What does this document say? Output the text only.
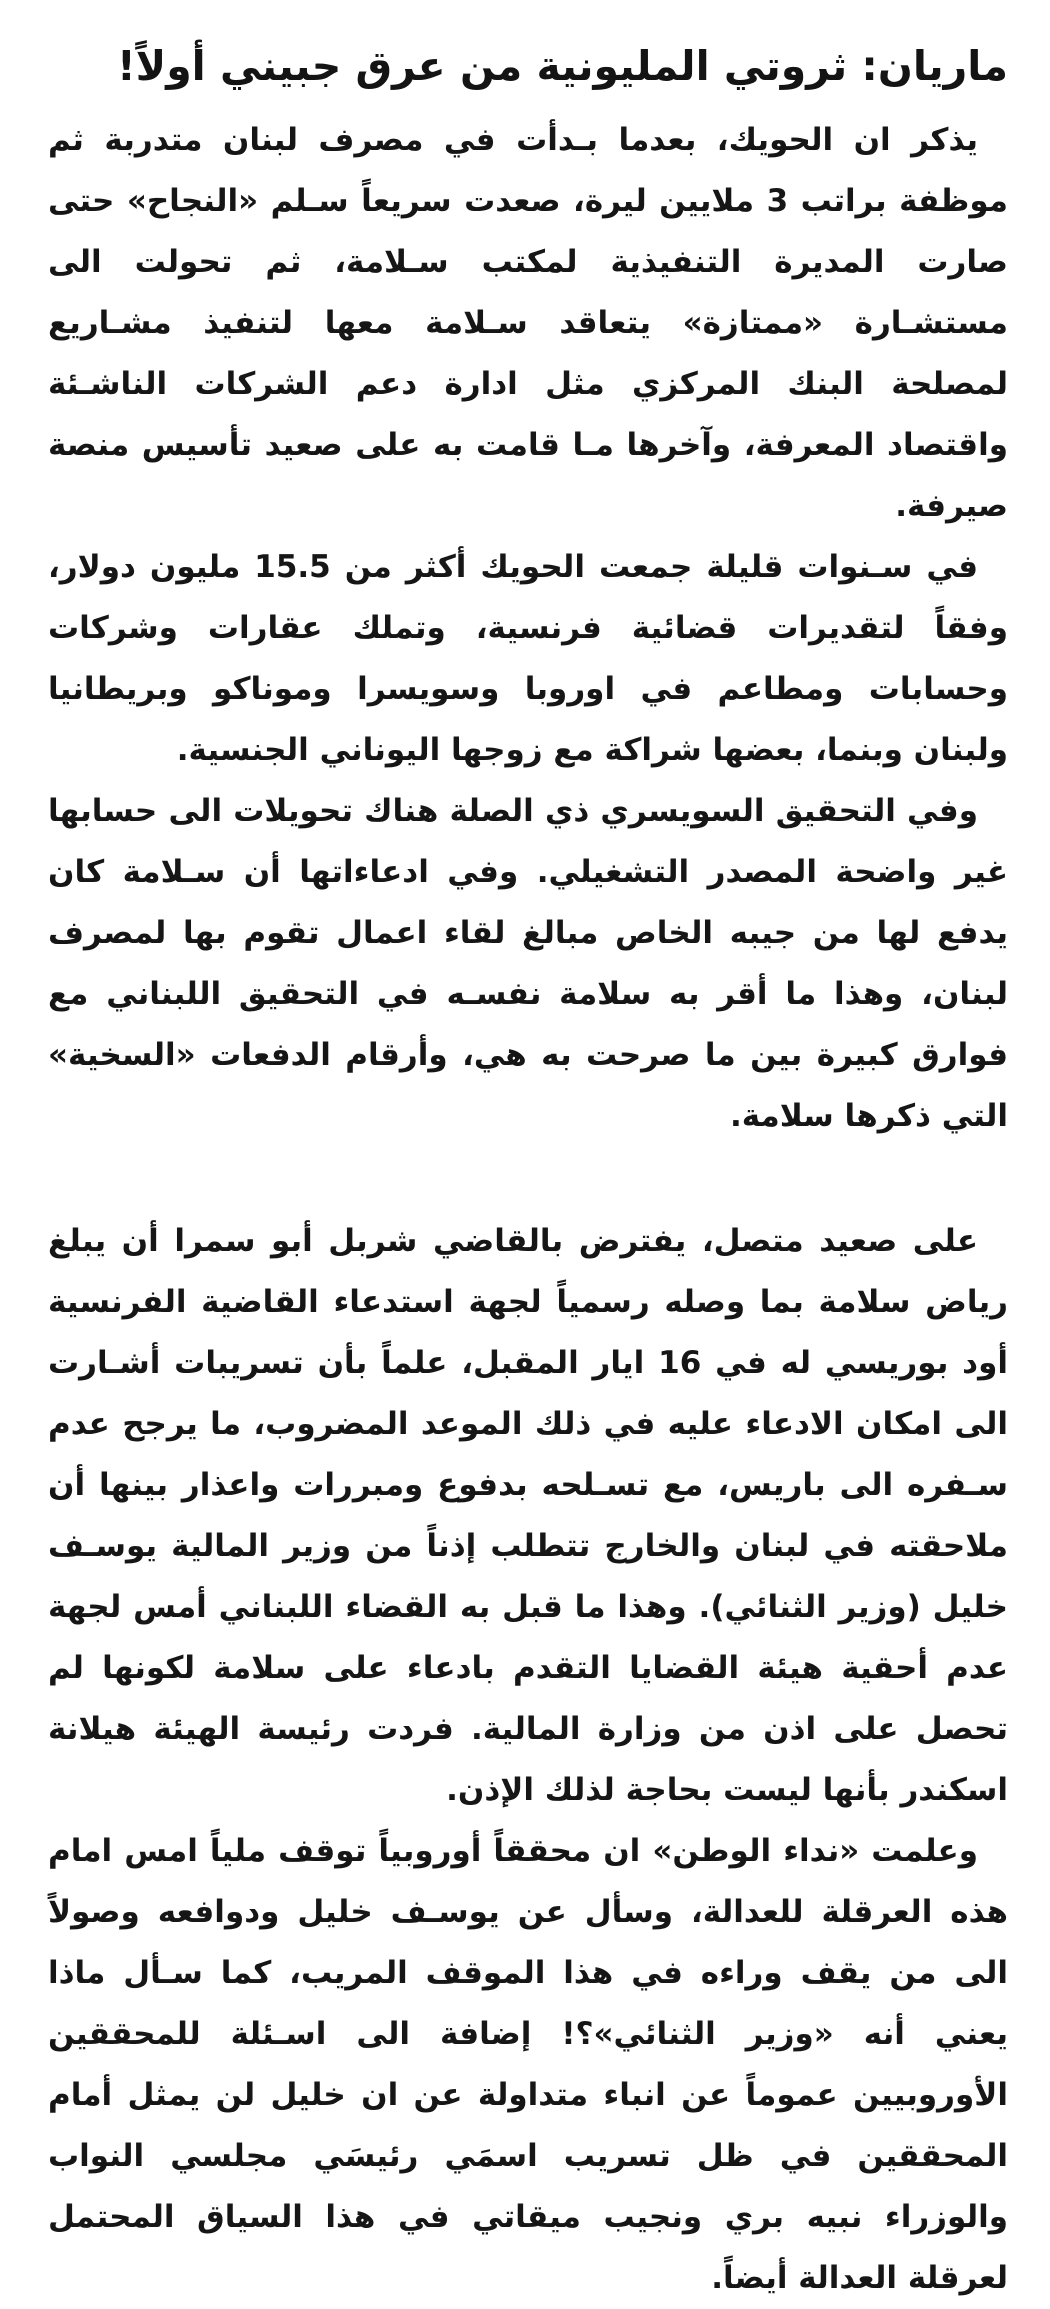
ماريان: ثروتي المليونية من عرق جبيني أولاً!

يذكر ان الحويك، بعدما بـدأت في مصرف لبنان متدربة ثم موظفة براتب 3 ملايين ليرة، صعدت سريعاً سـلم «النجاح» حتى صارت المديرة التنفيذية لمكتب سـلامة، ثم تحولت الى مستشـارة «ممتازة» يتعاقد سـلامة معها لتنفيذ مشـاريع لمصلحة البنك المركزي مثل ادارة دعم الشركات الناشـئة واقتصاد المعرفة، وآخرها مـا قامت به على صعيد تأسيس منصة صيرفة.

في سـنوات قليلة جمعت الحويك أكثر من 15.5 مليون دولار، وفقاً لتقديرات قضائية فرنسية، وتملك عقارات وشركات وحسابات ومطاعم في اوروبا وسويسرا وموناكو وبريطانيا ولبنان وبنما، بعضها شراكة مع زوجها اليوناني الجنسية.

وفي التحقيق السويسري ذي الصلة هناك تحويلات الى حسابها غير واضحة المصدر التشغيلي. وفي ادعاءاتها أن سـلامة كان يدفع لها من جيبه الخاص مبالغ لقاء اعمال تقوم بها لمصرف لبنان، وهذا ما أقر به سلامة نفسـه في التحقيق اللبناني مع فوارق كبيرة بين ما صرحت به هي، وأرقام الدفعات «السخية» التي ذكرها سلامة.

على صعيد متصل، يفترض بالقاضي شربل أبو سمرا أن يبلغ رياض سلامة بما وصله رسمياً لجهة استدعاء القاضية الفرنسية أود بوريسي له في 16 ايار المقبل، علماً بأن تسريبات أشـارت الى امكان الادعاء عليه في ذلك الموعد المضروب، ما يرجح عدم سـفره الى باريس، مع تسـلحه بدفوع ومبررات واعذار بينها أن ملاحقته في لبنان والخارج تتطلب إذناً من وزير المالية يوسـف خليل (وزير الثنائي). وهذا ما قبل به القضاء اللبناني أمس لجهة عدم أحقية هيئة القضايا التقدم بادعاء على سلامة لكونها لم تحصل على اذن من وزارة المالية. فردت رئيسة الهيئة هيلانة اسكندر بأنها ليست بحاجة لذلك الإذن.

وعلمت «نداء الوطن» ان محققاً أوروبياً توقف ملياً امس امام هذه العرقلة للعدالة، وسأل عن يوسـف خليل ودوافعه وصولاً الى من يقف وراءه في هذا الموقف المريب، كما سـأل ماذا يعني أنه «وزير الثنائي»؟! إضافة الى اسـئلة للمحققين الأوروبيين عموماً عن انباء متداولة عن ان خليل لن يمثل أمام المحققين في ظل تسريب اسمَي رئيسَي مجلسي النواب والوزراء نبيه بري ونجيب ميقاتي في هذا السياق المحتمل لعرقلة العدالة أيضاً.
